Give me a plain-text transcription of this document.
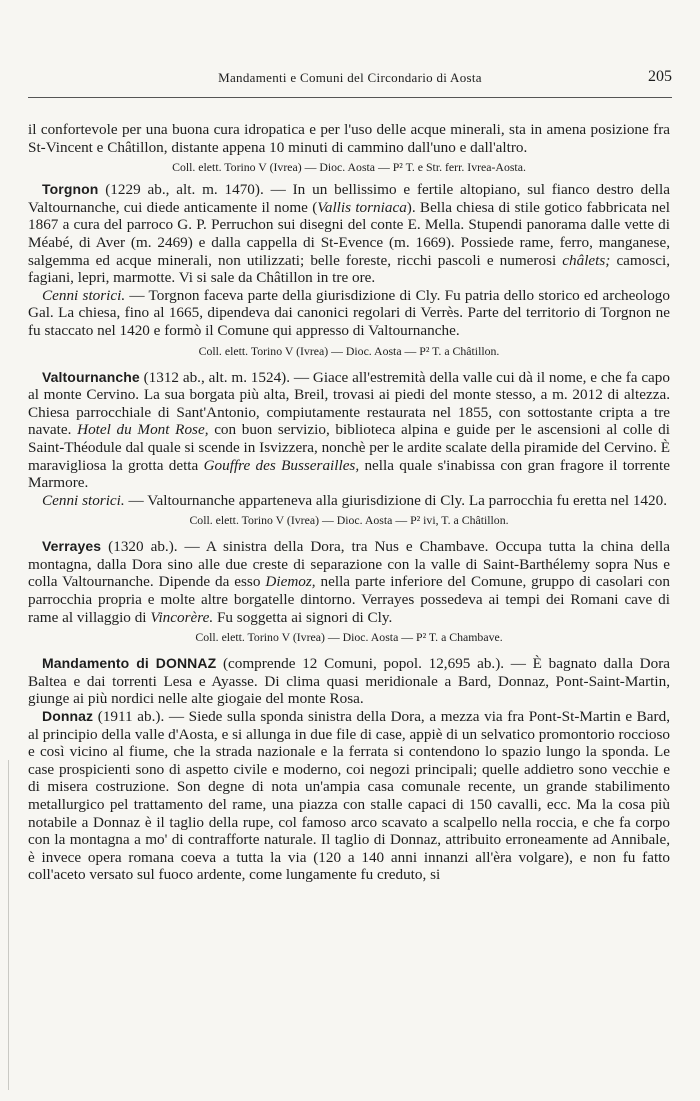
Mandamenti e Comuni del Circondario di Aosta	205

il confortevole per una buona cura idropatica e per l'uso delle acque minerali, sta in amena posizione fra St-Vincent e Châtillon, distante appena 10 minuti di cammino dall'uno e dall'altro.

Coll. elett. Torino V (Ivrea) — Dioc. Aosta — P² T. e Str. ferr. Ivrea-Aosta.

Torgnon (1229 ab., alt. m. 1470). — In un bellissimo e fertile altopiano, sul fianco destro della Valtournanche, cui diede anticamente il nome (Vallis torniaca). Bella chiesa di stile gotico fabbricata nel 1867 a cura del parroco G. P. Perruchon sui disegni del conte E. Mella. Stupendi panorama dalle vette di Méabé, di Aver (m. 2469) e dalla cappella di St-Evence (m. 1669). Possiede rame, ferro, manganese, salgemma ed acque minerali, non utilizzati; belle foreste, ricchi pascoli e numerosi châlets; camosci, fagiani, lepri, marmotte. Vi si sale da Châtillon in tre ore.

Cenni storici. — Torgnon faceva parte della giurisdizione di Cly. Fu patria dello storico ed archeologo Gal. La chiesa, fino al 1665, dipendeva dai canonici regolari di Verrès. Parte del territorio di Torgnon ne fu staccato nel 1420 e formò il Comune qui appresso di Valtournanche.

Coll. elett. Torino V (Ivrea) — Dioc. Aosta — P² T. a Châtillon.

Valtournanche (1312 ab., alt. m. 1524). — Giace all'estremità della valle cui dà il nome, e che fa capo al monte Cervino. La sua borgata più alta, Breil, trovasi ai piedi del monte stesso, a m. 2012 di altezza. Chiesa parrocchiale di Sant'Antonio, compiutamente restaurata nel 1855, con sottostante cripta a tre navate. Hotel du Mont Rose, con buon servizio, biblioteca alpina e guide per le ascensioni al colle di Saint-Théodule dal quale si scende in Isvizzera, nonchè per le ardite scalate della piramide del Cervino. È maravigliosa la grotta detta Gouffre des Busserailles, nella quale s'inabissa con gran fragore il torrente Marmore.

Cenni storici. — Valtournanche apparteneva alla giurisdizione di Cly. La parrocchia fu eretta nel 1420.

Coll. elett. Torino V (Ivrea) — Dioc. Aosta — P² ivi, T. a Châtillon.

Verrayes (1320 ab.). — A sinistra della Dora, tra Nus e Chambave. Occupa tutta la china della montagna, dalla Dora sino alle due creste di separazione con la valle di Saint-Barthélemy sopra Nus e colla Valtournanche. Dipende da esso Diemoz, nella parte inferiore del Comune, gruppo di casolari con parrocchia propria e molte altre borgatelle dintorno. Verrayes possedeva ai tempi dei Romani cave di rame al villaggio di Vincorère. Fu soggetta ai signori di Cly.

Coll. elett. Torino V (Ivrea) — Dioc. Aosta — P² T. a Chambave.

Mandamento di DONNAZ (comprende 12 Comuni, popol. 12,695 ab.). — È bagnato dalla Dora Baltea e dai torrenti Lesa e Ayasse. Di clima quasi meridionale a Bard, Donnaz, Pont-Saint-Martin, giunge ai più nordici nelle alte giogaie del monte Rosa.

Donnaz (1911 ab.). — Siede sulla sponda sinistra della Dora, a mezza via fra Pont-St-Martin e Bard, al principio della valle d'Aosta, e si allunga in due file di case, appiè di un selvatico promontorio roccioso e così vicino al fiume, che la strada nazionale e la ferrata si contendono lo spazio lungo la sponda. Le case prospicienti sono di aspetto civile e moderno, coi negozi principali; quelle addietro sono vecchie e di misera costruzione. Son degne di nota un'ampia casa comunale recente, un grande stabilimento metallurgico pel trattamento del rame, una piazza con stalle capaci di 150 cavalli, ecc. Ma la cosa più notabile a Donnaz è il taglio della rupe, col famoso arco scavato a scalpello nella roccia, e che fa corpo con la montagna a mo' di contrafforte naturale. Il taglio di Donnaz, attribuito erroneamente ad Annibale, è invece opera romana coeva a tutta la via (120 a 140 anni innanzi all'èra volgare), e non fu fatto coll'aceto versato sul fuoco ardente, come lungamente fu creduto, si
